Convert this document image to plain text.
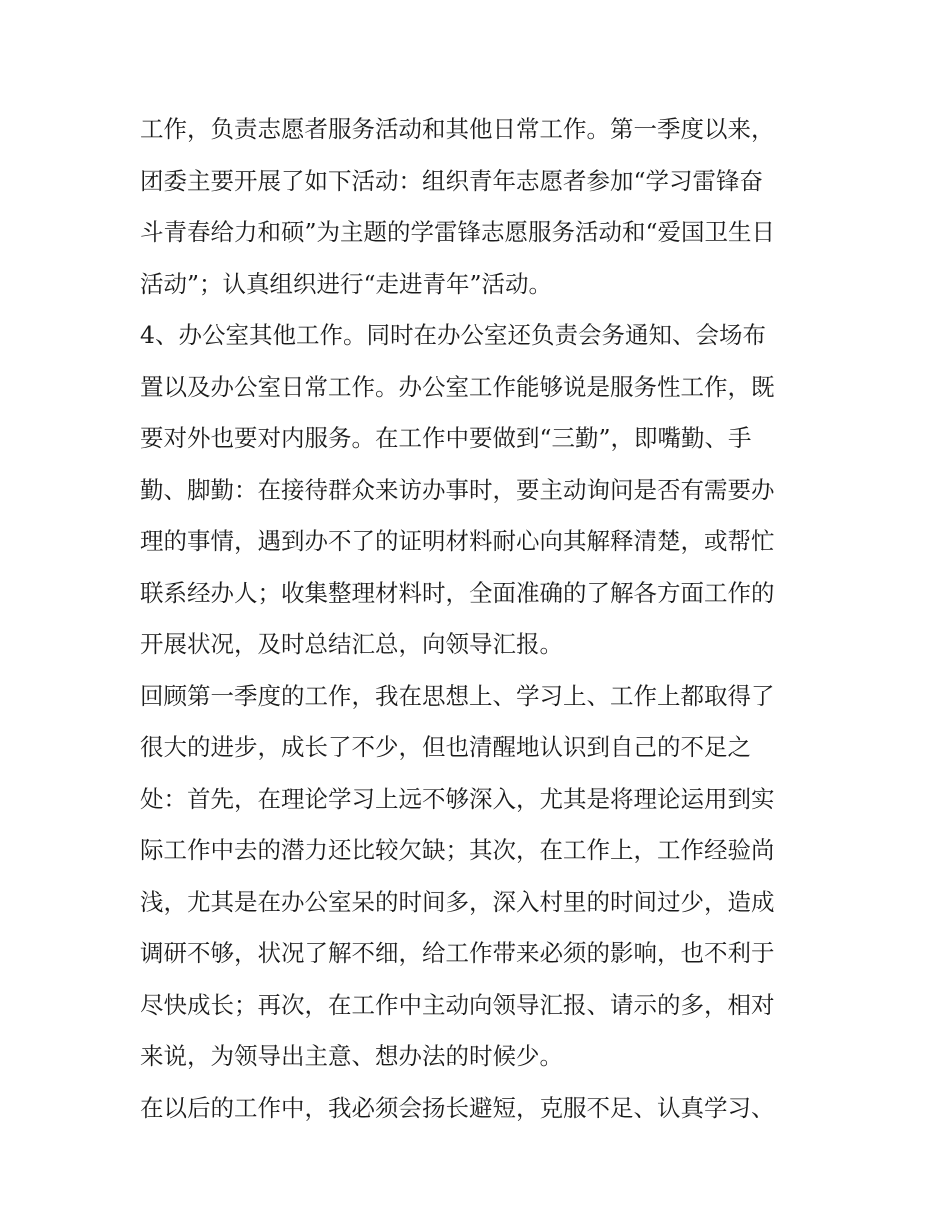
工作，负责志愿者服务活动和其他日常工作。第一季度以来，
团委主要开展了如下活动：组织青年志愿者参加“学习雷锋奋
斗青春给力和硕”为主题的学雷锋志愿服务活动和“爱国卫生日
活动”；认真组织进行“走进青年”活动。
4、办公室其他工作。同时在办公室还负责会务通知、会场布
置以及办公室日常工作。办公室工作能够说是服务性工作，既
要对外也要对内服务。在工作中要做到“三勤”，即嘴勤、手
勤、脚勤：在接待群众来访办事时，要主动询问是否有需要办
理的事情，遇到办不了的证明材料耐心向其解释清楚，或帮忙
联系经办人；收集整理材料时，全面准确的了解各方面工作的
开展状况，及时总结汇总，向领导汇报。
回顾第一季度的工作，我在思想上、学习上、工作上都取得了
很大的进步，成长了不少，但也清醒地认识到自己的不足之
处：首先，在理论学习上远不够深入，尤其是将理论运用到实
际工作中去的潜力还比较欠缺；其次，在工作上，工作经验尚
浅，尤其是在办公室呆的时间多，深入村里的时间过少，造成
调研不够，状况了解不细，给工作带来必须的影响，也不利于
尽快成长；再次，在工作中主动向领导汇报、请示的多，相对
来说，为领导出主意、想办法的时候少。
在以后的工作中，我必须会扬长避短，克服不足、认真学习、
